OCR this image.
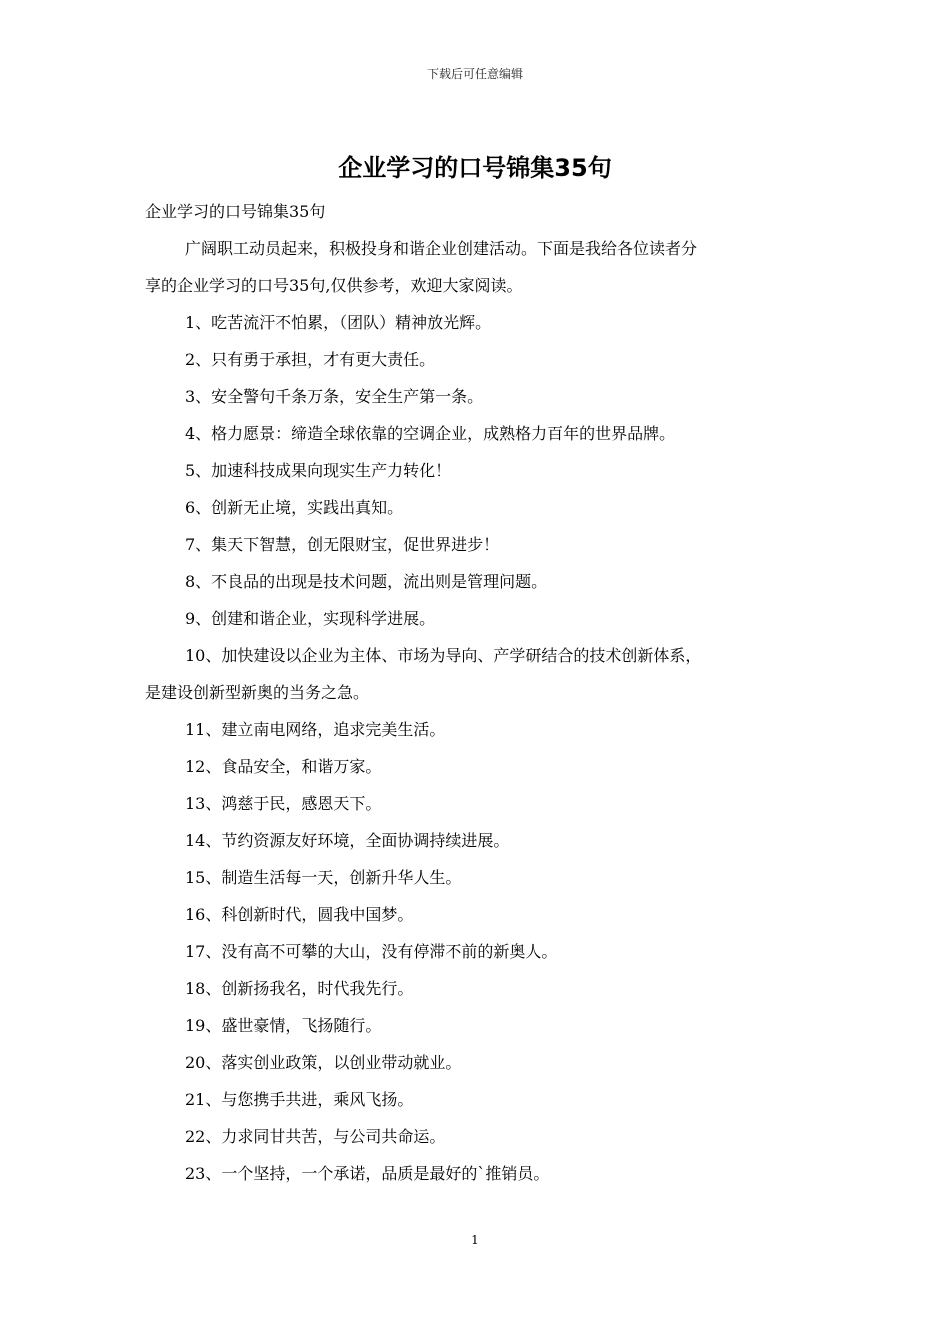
下载后可任意编辑
企业学习的口号锦集35句

企业学习的口号锦集35句

广阔职工动员起来，积极投身和谐企业创建活动。下面是我给各位读者分
享的企业学习的口号35句,仅供参考，欢迎大家阅读。

1、吃苦流汗不怕累，（团队）精神放光辉。

2、只有勇于承担，才有更大责任。

3、安全警句千条万条，安全生产第一条。

4、格力愿景：缔造全球依靠的空调企业，成熟格力百年的世界品牌。

5、加速科技成果向现实生产力转化！

6、创新无止境，实践出真知。

7、集天下智慧，创无限财宝，促世界进步！

8、不良品的出现是技术问题，流出则是管理问题。

9、创建和谐企业，实现科学进展。

10、加快建设以企业为主体、市场为导向、产学研结合的技术创新体系，
是建设创新型新奥的当务之急。

11、建立南电网络，追求完美生活。

12、食品安全，和谐万家。

13、鸿慈于民，感恩天下。

14、节约资源友好环境，全面协调持续进展。

15、制造生活每一天，创新升华人生。

16、科创新时代，圆我中国梦。

17、没有高不可攀的大山，没有停滞不前的新奥人。

18、创新扬我名，时代我先行。

19、盛世豪情，飞扬随行。

20、落实创业政策，以创业带动就业。

21、与您携手共进，乘风飞扬。

22、力求同甘共苦，与公司共命运。

23、一个坚持，一个承诺，品质是最好的`推销员。

1
